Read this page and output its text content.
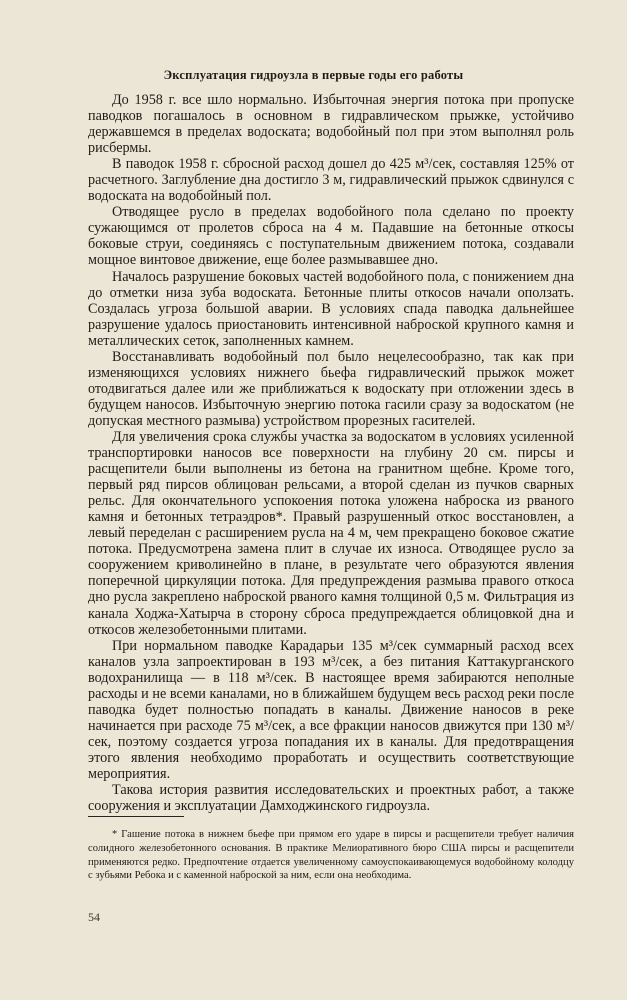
Эксплуатация гидроузла в первые годы его работы

До 1958 г. все шло нормально. Избыточная энергия потока при пропуске паводков погашалось в основном в гидравлическом прыжке, устойчиво державшемся в пределах водоската; водобойный пол при этом выполнял роль рисбермы.

В паводок 1958 г. сбросной расход дошел до 425 м³/сек, составляя 125% от расчетного. Заглубление дна достигло 3 м, гидравлический прыжок сдвинулся с водоската на водобойный пол.

Отводящее русло в пределах водобойного пола сделано по проекту сужающимся от пролетов сброса на 4 м. Падавшие на бетонные откосы боковые струи, соединяясь с поступательным движением потока, создавали мощное винтовое движение, еще более размывавшее дно.

Началось разрушение боковых частей водобойного пола, с понижением дна до отметки низа зуба водоската. Бетонные плиты откосов начали оползать. Создалась угроза большой аварии. В условиях спада паводка дальнейшее разрушение удалось приостановить интенсивной наброской крупного камня и металлических сеток, заполненных камнем.

Восстанавливать водобойный пол было нецелесообразно, так как при изменяющихся условиях нижнего бьефа гидравлический прыжок может отодвигаться далее или же приближаться к водоскату при отложении здесь в будущем наносов. Избыточную энергию потока гасили сразу за водоскатом (не допуская местного размыва) устройством прорезных гасителей.

Для увеличения срока службы участка за водоскатом в условиях усиленной транспортировки наносов все поверхности на глубину 20 см. пирсы и расщепители были выполнены из бетона на гранитном щебне. Кроме того, первый ряд пирсов облицован рельсами, а второй сделан из пучков сварных рельс. Для окончательного успокоения потока уложена наброска из рваного камня и бетонных тетраэдров*. Правый разрушенный откос восстановлен, а левый переделан с расширением русла на 4 м, чем прекращено боковое сжатие потока. Предусмотрена замена плит в случае их износа. Отводящее русло за сооружением криволинейно в плане, в результате чего образуются явления поперечной циркуляции потока. Для предупреждения размыва правого откоса дно русла закреплено наброской рваного камня толщиной 0,5 м. Фильтрация из канала Ходжа-Хатырча в сторону сброса предупреждается облицовкой дна и откосов железобетонными плитами.

При нормальном паводке Карадарьи 135 м³/сек суммарный расход всех каналов узла запроектирован в 193 м³/сек, а без питания Каттакурганского водохранилища — в 118 м³/сек. В настоящее время забираются неполные расходы и не всеми каналами, но в ближайшем будущем весь расход реки после паводка будет полностью попадать в каналы. Движение наносов в реке начинается при расходе 75 м³/сек, а все фракции наносов движутся при 130 м³/сек, поэтому создается угроза попадания их в каналы. Для предотвращения этого явления необходимо проработать и осуществить соответствующие мероприятия.

Такова история развития исследовательских и проектных работ, а также сооружения и эксплуатации Дамходжинского гидроузла.

* Гашение потока в нижнем бьефе при прямом его ударе в пирсы и расщепители требует наличия солидного железобетонного основания. В практике Мелиоративного бюро США пирсы и расщепители применяются редко. Предпочтение отдается увеличенному самоуспокаивающемуся водобойному колодцу с зубьями Ребока и с каменной наброской за ним, если она необходима.

54
